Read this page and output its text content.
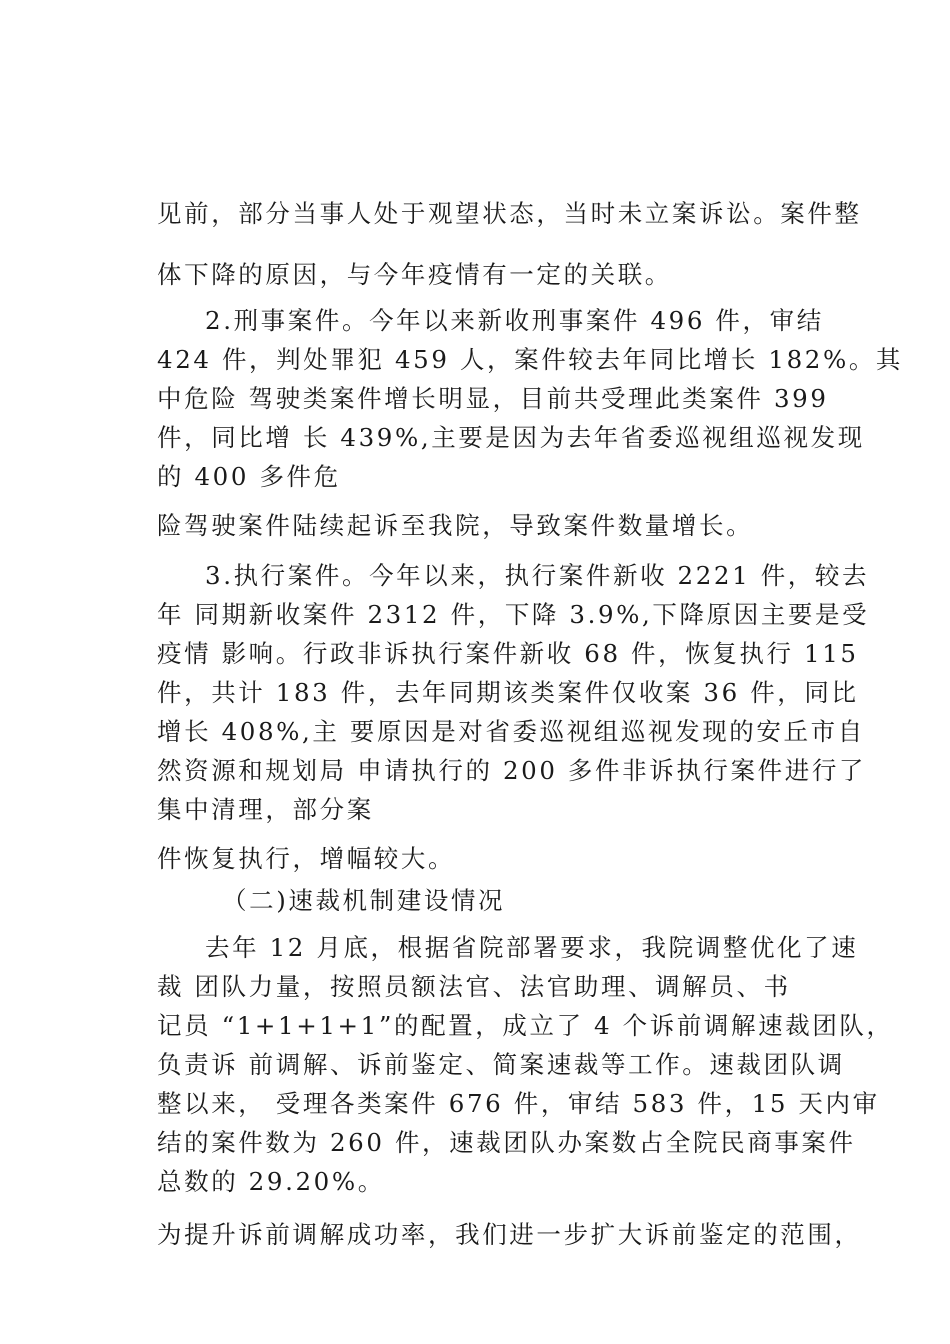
见前，部分当事人处于观望状态，当时未立案诉讼。案件整
体下降的原因，与今年疫情有一定的关联。
2.刑事案件。今年以来新收刑事案件 496 件，审结
424 件，判处罪犯 459 人，案件较去年同比增长 182%。其
中危险 驾驶类案件增长明显，目前共受理此类案件 399
件，同比增 长 439%,主要是因为去年省委巡视组巡视发现
的 400 多件危
险驾驶案件陆续起诉至我院，导致案件数量增长。
3.执行案件。今年以来，执行案件新收 2221 件，较去
年 同期新收案件 2312 件，下降 3.9%,下降原因主要是受
疫情 影响。行政非诉执行案件新收 68 件，恢复执行 115
件，共计 183 件，去年同期该类案件仅收案 36 件，同比
增长 408%,主 要原因是对省委巡视组巡视发现的安丘市自
然资源和规划局 申请执行的 200 多件非诉执行案件进行了
集中清理，部分案
件恢复执行，增幅较大。
（二)速裁机制建设情况
去年 12 月底，根据省院部署要求，我院调整优化了速
裁 团队力量，按照员额法官、法官助理、调解员、书
记员 “1+1+1+1”的配置，成立了 4 个诉前调解速裁团队，
负责诉 前调解、诉前鉴定、简案速裁等工作。速裁团队调
整以来， 受理各类案件 676 件，审结 583 件，15 天内审
结的案件数为 260 件，速裁团队办案数占全院民商事案件
总数的 29.20%。
为提升诉前调解成功率，我们进一步扩大诉前鉴定的范围，
